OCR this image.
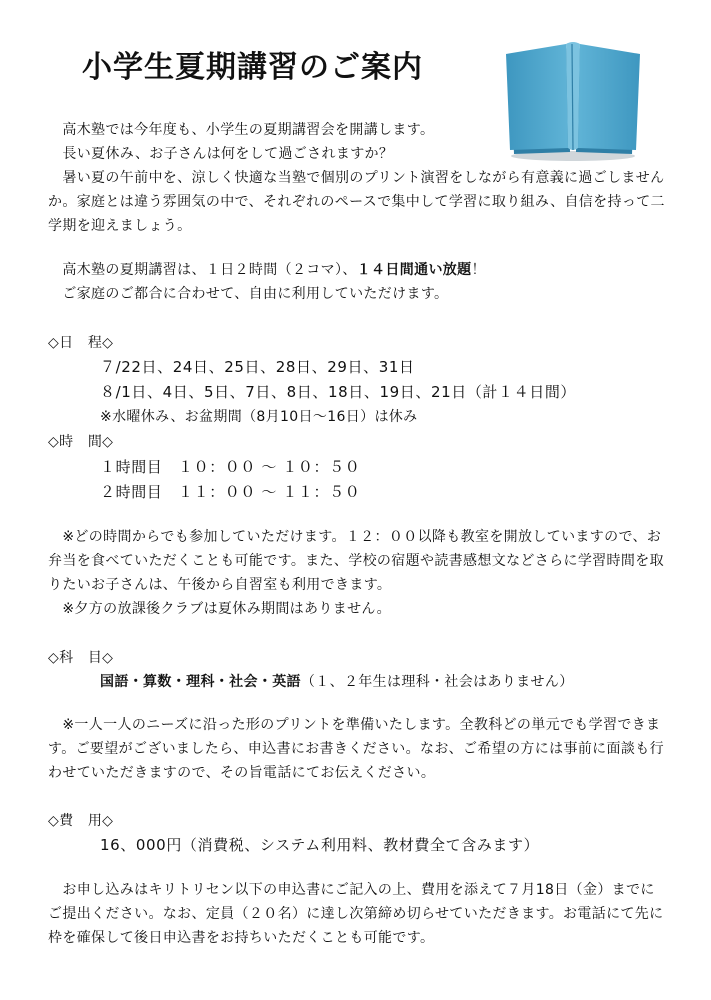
小学生夏期講習のご案内
　高木塾では今年度も、小学生の夏期講習会を開講します。
　長い夏休み、お子さんは何をして過ごされますか？
　暑い夏の午前中を、涼しく快適な当塾で個別のプリント演習をしながら有意義に過ごしませんか。家庭とは違う雰囲気の中で、それぞれのペースで集中して学習に取り組み、自信を持って二学期を迎えましょう。
　高木塾の夏期講習は、１日２時間（２コマ）、１４日間通い放題！
　ご家庭のご都合に合わせて、自由に利用していただけます。
◇日　程◇
７/22日、24日、25日、28日、29日、31日
８/1日、4日、5日、7日、8日、18日、19日、21日（計１４日間）
※水曜休み、お盆期間（8月10日〜16日）は休み
◇時　間◇
１時間目　１０：００ 〜 １０：５０
２時間目　１１：００ 〜 １１：５０
　※どの時間からでも参加していただけます。１２：００以降も教室を開放していますので、お弁当を食べていただくことも可能です。また、学校の宿題や読書感想文などさらに学習時間を取りたいお子さんは、午後から自習室も利用できます。
　※夕方の放課後クラブは夏休み期間はありません。
◇科　目◇
国語・算数・理科・社会・英語（１、２年生は理科・社会はありません）
　※一人一人のニーズに沿った形のプリントを準備いたします。全教科どの単元でも学習できます。ご要望がございましたら、申込書にお書きください。なお、ご希望の方には事前に面談も行わせていただきますので、その旨電話にてお伝えください。
◇費　用◇
16、000円（消費税、システム利用料、教材費全て含みます）
　お申し込みはキリトリセン以下の申込書にご記入の上、費用を添えて７月18日（金）までにご提出ください。なお、定員（２０名）に達し次第締め切らせていただきます。お電話にて先に枠を確保して後日申込書をお持ちいただくことも可能です。
